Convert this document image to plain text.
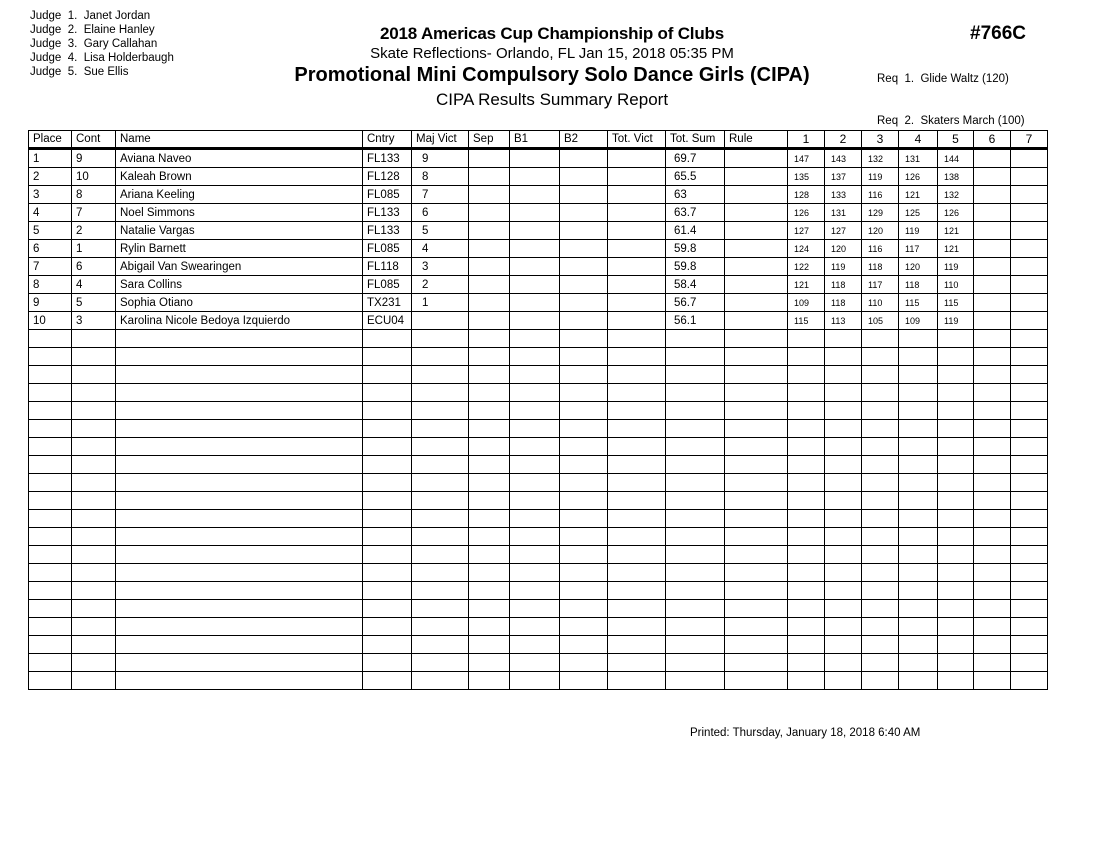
Judge  1.  Janet Jordan
Judge  2.  Elaine Hanley
Judge  3.  Gary Callahan
Judge  4.  Lisa Holderbaugh
Judge  5.  Sue Ellis
2018 Americas Cup Championship of Clubs
Skate Reflections- Orlando, FL Jan 15, 2018 05:35 PM
Promotional Mini Compulsory Solo Dance Girls (CIPA)
CIPA Results Summary Report
#766C

Req  1.  Glide Waltz (120)

Req  2.  Skaters March (100)

Place	Cont	Name	Cntry	Maj Vict	Sep	B1	B2	Tot. Vict	Tot. Sum	Rule	1	2	3	4	5	6	7
1	9	Aviana Naveo	FL133	9					69.7		147	143	132	131	144		
2	10	Kaleah Brown	FL128	8					65.5		135	137	119	126	138		
3	8	Ariana Keeling	FL085	7					63		128	133	116	121	132		
4	7	Noel Simmons	FL133	6					63.7		126	131	129	125	126		
5	2	Natalie Vargas	FL133	5					61.4		127	127	120	119	121		
6	1	Rylin Barnett	FL085	4					59.8		124	120	116	117	121		
7	6	Abigail Van Swearingen	FL118	3					59.8		122	119	118	120	119		
8	4	Sara Collins	FL085	2					58.4		121	118	117	118	110		
9	5	Sophia Otiano	TX231	1					56.7		109	118	110	115	115		
10	3	Karolina Nicole Bedoya Izquierdo	ECU04						56.1		115	113	105	109	119		

Printed: Thursday, January 18, 2018 6:40 AM
